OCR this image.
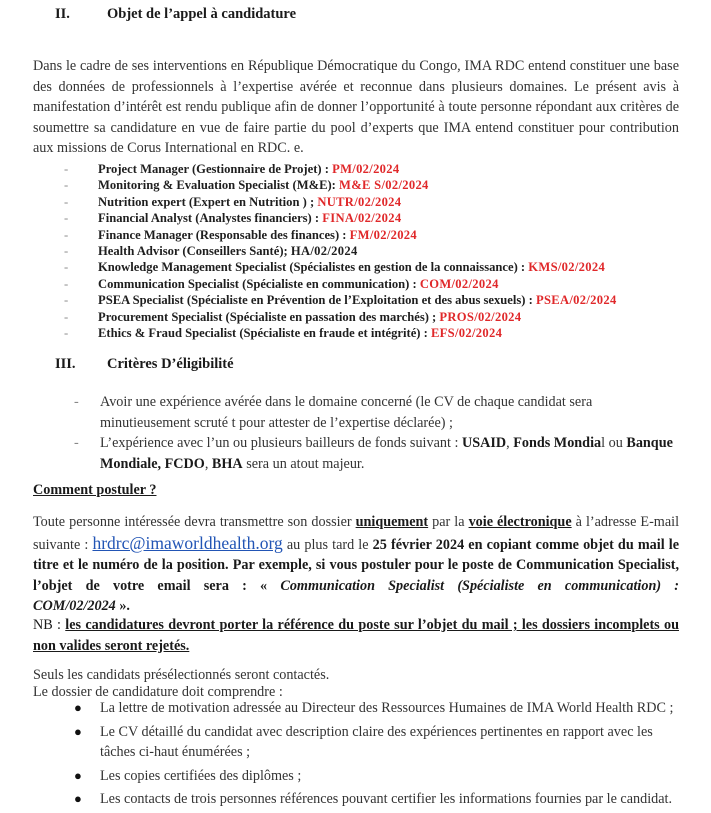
II.	Objet de l’appel à candidature
Dans le cadre de ses interventions en République Démocratique du Congo, IMA RDC entend constituer une base
des données de professionnels à l’expertise avérée et reconnue dans plusieurs domaines. Le présent avis à
manifestation d’intérêt est rendu publique afin de donner l’opportunité à toute personne répondant aux critères de
soumettre sa candidature en vue de faire partie du pool d’experts que IMA entend constituer pour contribution
aux missions de Corus International en RDC. e.
- Project Manager (Gestionnaire de Projet) : PM/02/2024
- Monitoring & Evaluation Specialist (M&E): M&E S/02/2024
- Nutrition expert (Expert en Nutrition ) ; NUTR/02/2024
- Financial Analyst (Analystes financiers) : FINA/02/2024
- Finance Manager (Responsable des finances) : FM/02/2024
- Health Advisor (Conseillers Santé); HA/02/2024
- Knowledge Management Specialist (Spécialistes en gestion de la connaissance) : KMS/02/2024
- Communication Specialist (Spécialiste en communication) : COM/02/2024
- PSEA Specialist (Spécialiste en Prévention de l’Exploitation et des abus sexuels) : PSEA/02/2024
- Procurement Specialist (Spécialiste en passation des marchés) ; PROS/02/2024
- Ethics & Fraud Specialist (Spécialiste en fraude et intégrité) : EFS/02/2024
III. Critères D’éligibilité
- Avoir une expérience avérée dans le domaine concerné (le CV de chaque candidat sera minutieusement scruté t pour attester de l’expertise déclarée) ;
- L’expérience avec l’un ou plusieurs bailleurs de fonds suivant : USAID, Fonds Mondial ou Banque Mondiale, FCDO, BHA sera un atout majeur.
Comment postuler ?
Toute personne intéressée devra transmettre son dossier uniquement par la voie électronique à l’adresse E-mail
suivante : hrdrc@imaworldhealth.org au plus tard le 25 février 2024 en copiant comme objet du mail le
titre et le numéro de la position. Par exemple, si vous postuler pour le poste de Communication Specialist,
l’objet de votre email sera : « Communication Specialist (Spécialiste en communication) :
COM/02/2024 ».
NB : les candidatures devront porter la référence du poste sur l’objet du mail ; les dossiers incomplets ou
non valides seront rejetés.
Seuls les candidats présélectionnés seront contactés.
Le dossier de candidature doit comprendre :
● La lettre de motivation adressée au Directeur des Ressources Humaines de IMA World Health RDC ;
● Le CV détaillé du candidat avec description claire des expériences pertinentes en rapport avec les tâches ci-haut énumérées ;
● Les copies certifiées des diplômes ;
● Les contacts de trois personnes références pouvant certifier les informations fournies par le candidat.
